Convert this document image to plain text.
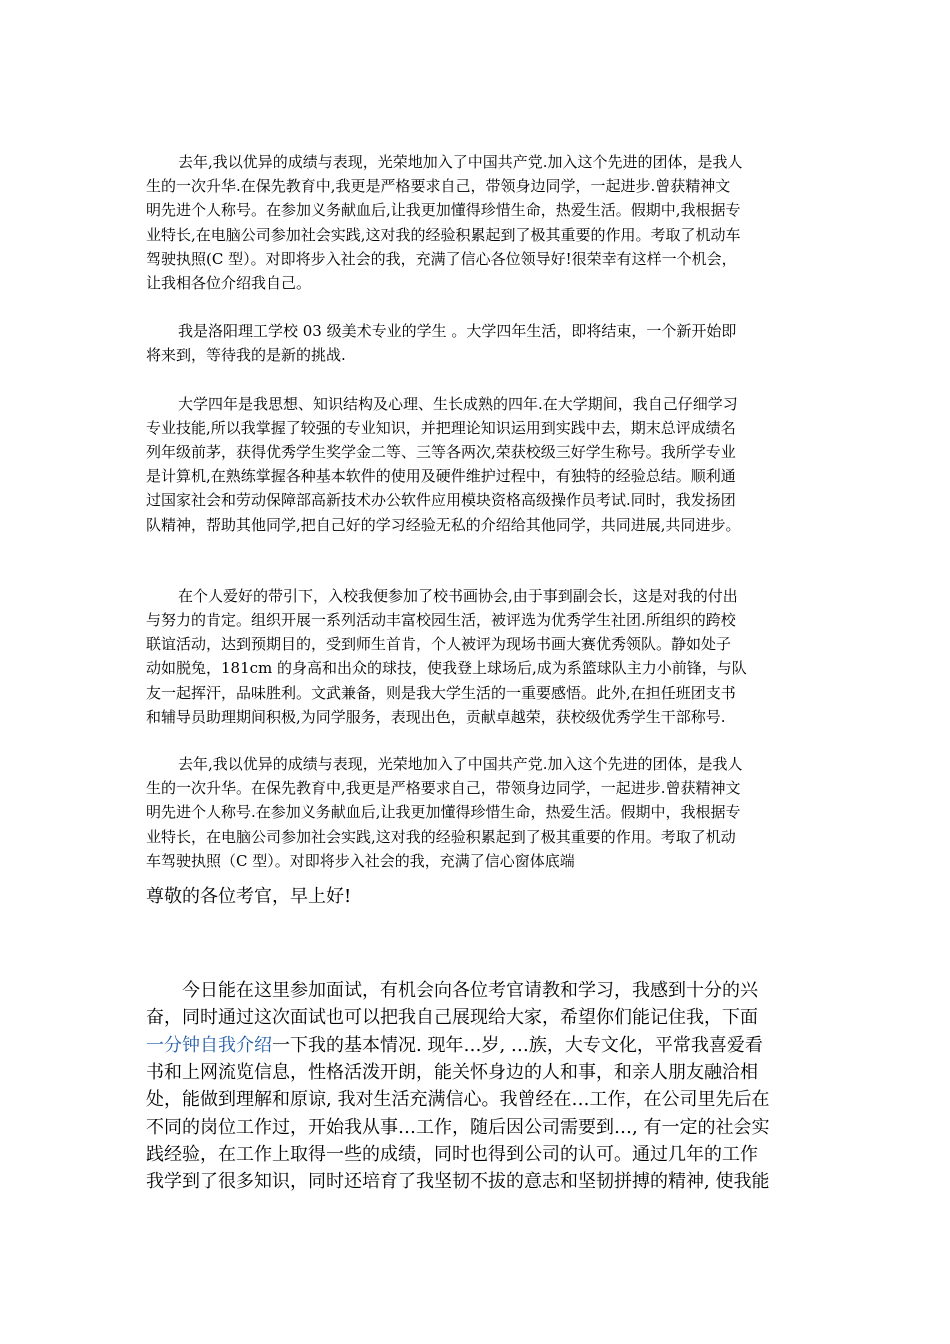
去年,我以优异的成绩与表现，光荣地加入了中国共产党.加入这个先进的团体，是我人
生的一次升华.在保先教育中,我更是严格要求自己，带领身边同学，一起进步.曾获精神文
明先进个人称号。在参加义务献血后,让我更加懂得珍惜生命，热爱生活。假期中,我根据专
业特长,在电脑公司参加社会实践,这对我的经验积累起到了极其重要的作用。考取了机动车
驾驶执照(C 型）。对即将步入社会的我，充满了信心各位领导好!很荣幸有这样一个机会，
让我相各位介绍我自己。

我是洛阳理工学校 03 级美术专业的学生 。大学四年生活，即将结束，一个新开始即
将来到，等待我的是新的挑战.

大学四年是我思想、知识结构及心理、生长成熟的四年.在大学期间，我自己仔细学习
专业技能,所以我掌握了较强的专业知识，并把理论知识运用到实践中去，期末总评成绩名
列年级前茅，获得优秀学生奖学金二等、三等各两次,荣获校级三好学生称号。我所学专业
是计算机,在熟练掌握各种基本软件的使用及硬件维护过程中，有独特的经验总结。顺利通
过国家社会和劳动保障部高新技术办公软件应用模块资格高级操作员考试.同时，我发扬团
队精神，帮助其他同学,把自己好的学习经验无私的介绍给其他同学，共同进展,共同进步。

在个人爱好的带引下，入校我便参加了校书画协会,由于事到副会长，这是对我的付出
与努力的肯定。组织开展一系列活动丰富校园生活，被评选为优秀学生社团.所组织的跨校
联谊活动，达到预期目的，受到师生首肯，个人被评为现场书画大赛优秀领队。静如处子
动如脱兔，181cm 的身高和出众的球技，使我登上球场后,成为系篮球队主力小前锋，与队
友一起挥汗，品味胜利。文武兼备，则是我大学生活的一重要感悟。此外,在担任班团支书
和辅导员助理期间积极,为同学服务，表现出色，贡献卓越荣，获校级优秀学生干部称号.

去年,我以优异的成绩与表现，光荣地加入了中国共产党.加入这个先进的团体，是我人
生的一次升华。在保先教育中,我更是严格要求自己，带领身边同学，一起进步.曾获精神文
明先进个人称号.在参加义务献血后,让我更加懂得珍惜生命，热爱生活。假期中，我根据专
业特长，在电脑公司参加社会实践,这对我的经验积累起到了极其重要的作用。考取了机动
车驾驶执照（C 型）。对即将步入社会的我，充满了信心窗体底端

尊敬的各位考官，早上好!

今日能在这里参加面试，有机会向各位考官请教和学习，我感到十分的兴
奋，同时通过这次面试也可以把我自己展现给大家，希望你们能记住我，下面
一分钟自我介绍一下我的基本情况. 现年…岁, …族，大专文化，平常我喜爱看
书和上网流览信息，性格活泼开朗，能关怀身边的人和事，和亲人朋友融洽相
处，能做到理解和原谅, 我对生活充满信心。我曾经在…工作，在公司里先后在
不同的岗位工作过，开始我从事…工作，随后因公司需要到…, 有一定的社会实
践经验，在工作上取得一些的成绩，同时也得到公司的认可。通过几年的工作
我学到了很多知识，同时还培育了我坚韧不拔的意志和坚韧拼搏的精神, 使我能
